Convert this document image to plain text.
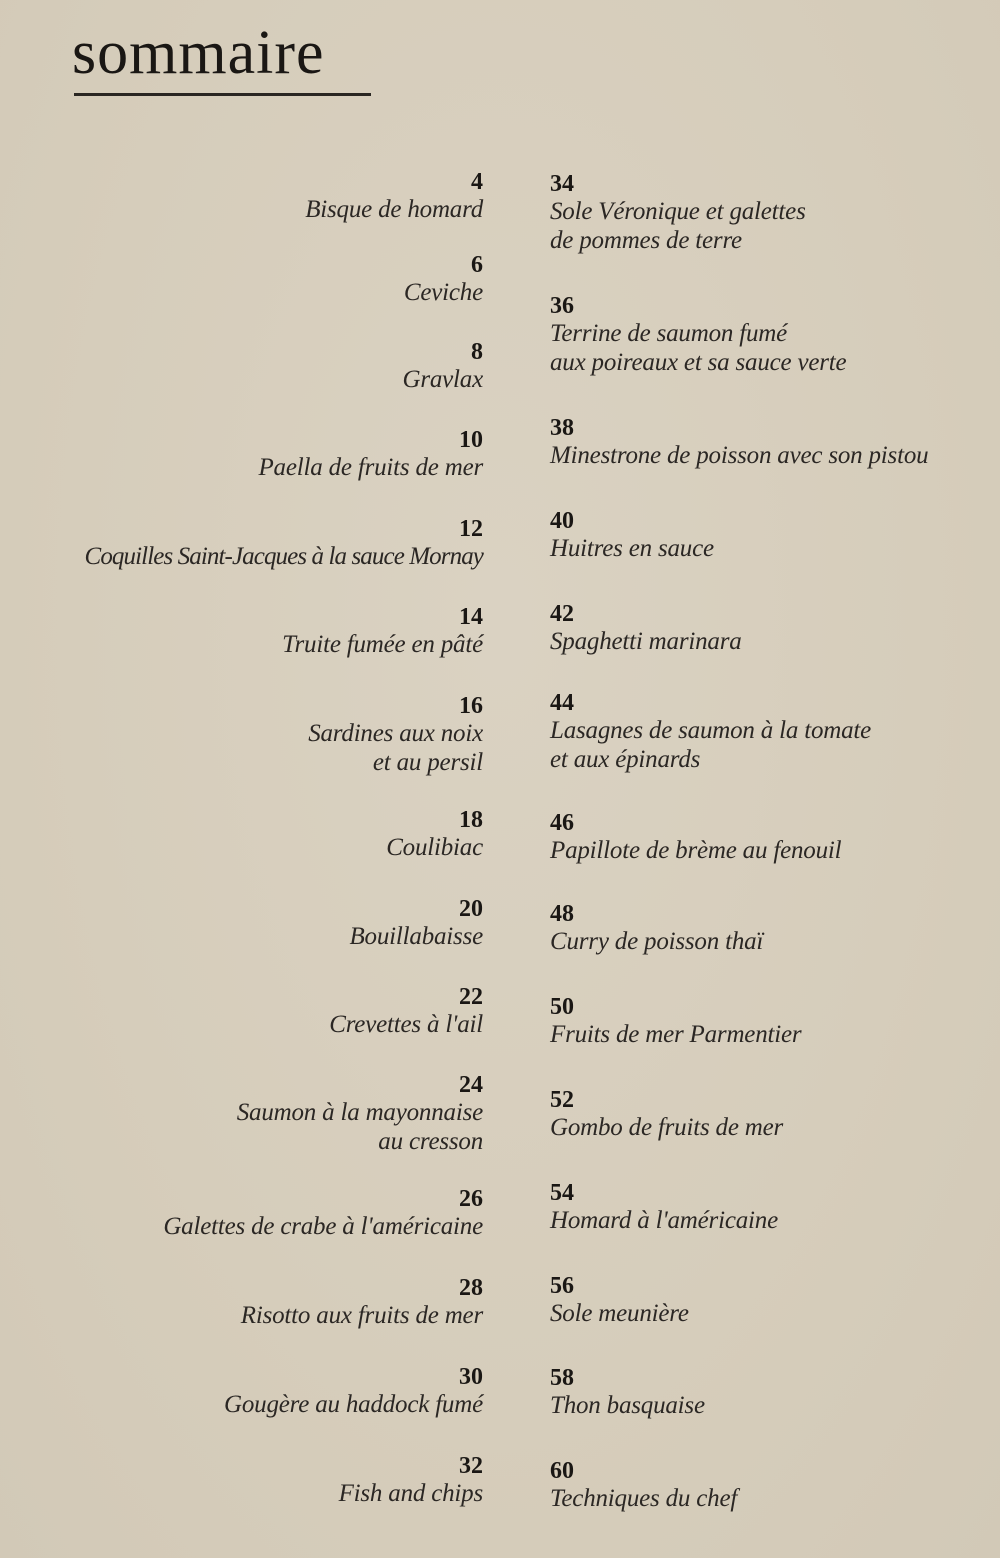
sommaire
4
Bisque de homard
6
Ceviche
8
Gravlax
10
Paella de fruits de mer
12
Coquilles Saint-Jacques à la sauce Mornay
14
Truite fumée en pâté
16
Sardines aux noix
et au persil
18
Coulibiac
20
Bouillabaisse
22
Crevettes à l'ail
24
Saumon à la mayonnaise
au cresson
26
Galettes de crabe à l'américaine
28
Risotto aux fruits de mer
30
Gougère au haddock fumé
32
Fish and chips
34
Sole Véronique et galettes
de pommes de terre
36
Terrine de saumon fumé
aux poireaux et sa sauce verte
38
Minestrone de poisson avec son pistou
40
Huitres en sauce
42
Spaghetti marinara
44
Lasagnes de saumon à la tomate
et aux épinards
46
Papillote de brème au fenouil
48
Curry de poisson thaï
50
Fruits de mer Parmentier
52
Gombo de fruits de mer
54
Homard à l'américaine
56
Sole meunière
58
Thon basquaise
60
Techniques du chef
